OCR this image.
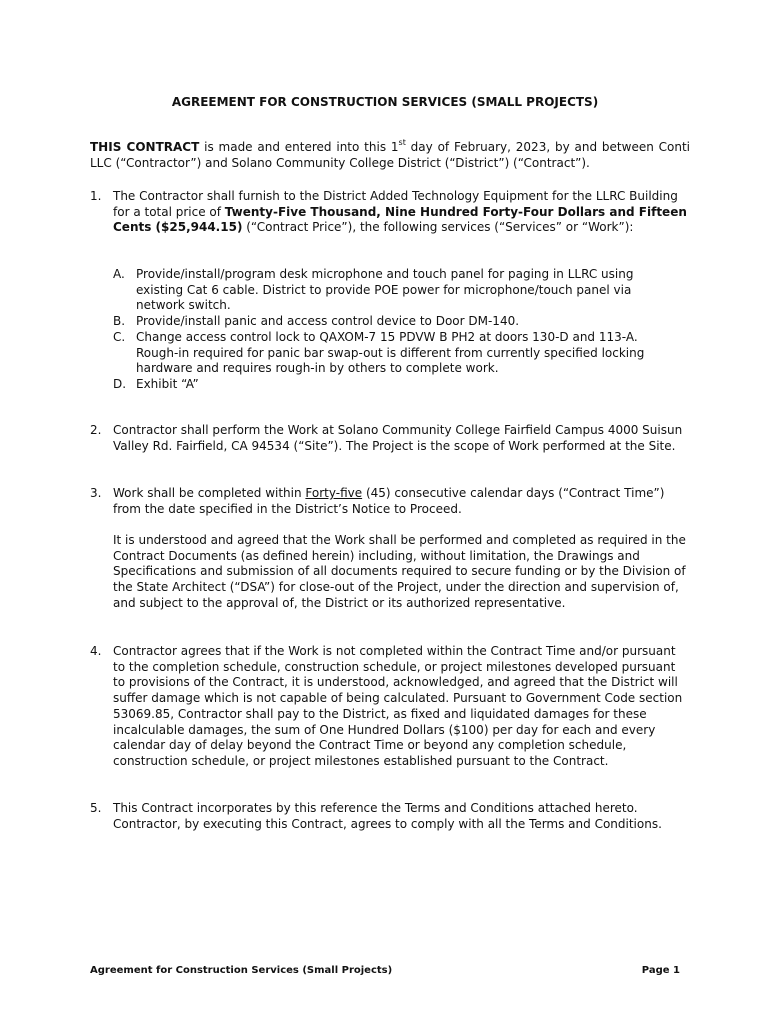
AGREEMENT FOR CONSTRUCTION SERVICES (SMALL PROJECTS)
THIS CONTRACT is made and entered into this 1st day of February, 2023, by and between Conti LLC (“Contractor”) and Solano Community College District (“District”) (“Contract”).
1. The Contractor shall furnish to the District Added Technology Equipment for the LLRC Building for a total price of Twenty-Five Thousand, Nine Hundred Forty-Four Dollars and Fifteen Cents ($25,944.15) (“Contract Price”), the following services (“Services” or “Work”):
A. Provide/install/program desk microphone and touch panel for paging in LLRC using existing Cat 6 cable. District to provide POE power for microphone/touch panel via network switch.
B. Provide/install panic and access control device to Door DM-140.
C. Change access control lock to QAXOM-7 15 PDVW B PH2 at doors 130-D and 113-A. Rough-in required for panic bar swap-out is different from currently specified locking hardware and requires rough-in by others to complete work.
D. Exhibit “A”
2. Contractor shall perform the Work at Solano Community College Fairfield Campus 4000 Suisun Valley Rd. Fairfield, CA 94534 (“Site”). The Project is the scope of Work performed at the Site.
3. Work shall be completed within Forty-five (45) consecutive calendar days (“Contract Time”) from the date specified in the District’s Notice to Proceed.
It is understood and agreed that the Work shall be performed and completed as required in the Contract Documents (as defined herein) including, without limitation, the Drawings and Specifications and submission of all documents required to secure funding or by the Division of the State Architect (“DSA”) for close-out of the Project, under the direction and supervision of, and subject to the approval of, the District or its authorized representative.
4. Contractor agrees that if the Work is not completed within the Contract Time and/or pursuant to the completion schedule, construction schedule, or project milestones developed pursuant to provisions of the Contract, it is understood, acknowledged, and agreed that the District will suffer damage which is not capable of being calculated. Pursuant to Government Code section 53069.85, Contractor shall pay to the District, as fixed and liquidated damages for these incalculable damages, the sum of One Hundred Dollars ($100) per day for each and every calendar day of delay beyond the Contract Time or beyond any completion schedule, construction schedule, or project milestones established pursuant to the Contract.
5. This Contract incorporates by this reference the Terms and Conditions attached hereto. Contractor, by executing this Contract, agrees to comply with all the Terms and Conditions.
Agreement for Construction Services (Small Projects)	Page 1
